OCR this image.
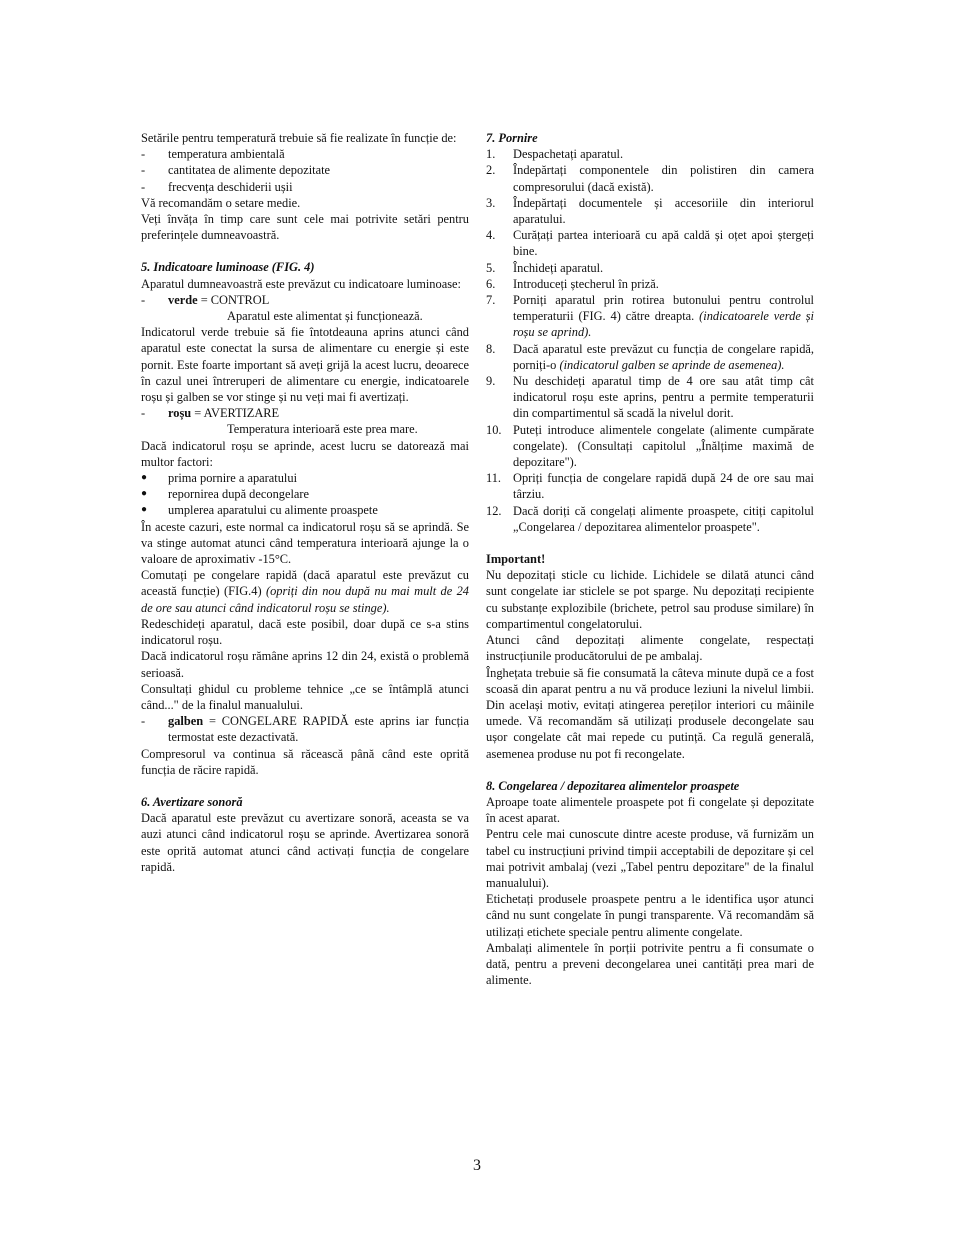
Setările pentru temperatură trebuie să fie realizate în funcție de:

-	temperatura ambientală
-	cantitatea de alimente depozitate
-	frecvența deschiderii ușii

Vă recomandăm o setare medie.

Veți învăța în timp care sunt cele mai potrivite setări pentru preferințele dumneavoastră.

5. Indicatoare luminoase (FIG. 4)

Aparatul dumneavoastră este prevăzut cu indicatoare luminoase:

-	verde = CONTROL

Aparatul este alimentat și funcționează.

Indicatorul verde trebuie să fie întotdeauna aprins atunci când aparatul este conectat la sursa de alimentare cu energie și este pornit. Este foarte important să aveți grijă la acest lucru, deoarece în cazul unei întreruperi de alimentare cu energie, indicatoarele roșu și galben se vor stinge și nu veți mai fi avertizați.

-	roșu = AVERTIZARE

Temperatura interioară este prea mare.

Dacă indicatorul roșu se aprinde, acest lucru se datorează mai multor factori:

●	prima pornire a aparatului
●	repornirea după decongelare
●	umplerea aparatului cu alimente proaspete

În aceste cazuri, este normal ca indicatorul roșu să se aprindă. Se va stinge automat atunci când temperatura interioară ajunge la o valoare de aproximativ -15°C.

Comutați pe congelare rapidă (dacă aparatul este prevăzut cu această funcție) (FIG.4) (opriți din nou după nu mai mult de 24 de ore sau atunci când indicatorul roșu se stinge).

Redeschideți aparatul, dacă este posibil, doar după ce s-a stins indicatorul roșu.

Dacă indicatorul roșu rămâne aprins 12 din 24, există o problemă serioasă.

Consultați ghidul cu probleme tehnice „ce se întâmplă atunci când..." de la finalul manualului.

-	galben = CONGELARE RAPIDĂ este aprins iar funcția termostat este dezactivată.

Compresorul va continua să răcească până când este oprită funcția de răcire rapidă.

6. Avertizare sonoră

Dacă aparatul este prevăzut cu avertizare sonoră, aceasta se va auzi atunci când indicatorul roșu se aprinde. Avertizarea sonoră este oprită automat atunci când activați funcția de congelare rapidă.

7. Pornire

1.	Despachetați aparatul.
2.	Îndepărtați componentele din polistiren din camera compresorului (dacă există).
3.	Îndepărtați documentele și accesoriile din interiorul aparatului.
4.	Curățați partea interioară cu apă caldă și oțet apoi ștergeți bine.
5.	Închideți aparatul.
6.	Introduceți ștecherul în priză.
7.	Porniți aparatul prin rotirea butonului pentru controlul temperaturii (FIG. 4) către dreapta. (indicatoarele verde și roșu se aprind).
8.	Dacă aparatul este prevăzut cu funcția de congelare rapidă, porniți-o (indicatorul galben se aprinde de asemenea).
9.	Nu deschideți aparatul timp de 4 ore sau atât timp cât indicatorul roșu este aprins, pentru a permite temperaturii din compartimentul să scadă la nivelul dorit.
10. Puteți introduce alimentele congelate (alimente cumpărate congelate). (Consultați capitolul „Înălțime maximă de depozitare").
11. Opriți funcția de congelare rapidă după 24 de ore sau mai târziu.
12. Dacă doriți că congelați alimente proaspete, citiți capitolul „Congelarea / depozitarea alimentelor proaspete".

Important!

Nu depozitați sticle cu lichide. Lichidele se dilată atunci când sunt congelate iar sticlele se pot sparge. Nu depozitați recipiente cu substanțe explozibile (brichete, petrol sau produse similare) în compartimentul congelatorului.

Atunci când depozitați alimente congelate, respectați instrucțiunile producătorului de pe ambalaj.

Înghețata trebuie să fie consumată la câteva minute după ce a fost scoasă din aparat pentru a nu vă produce leziuni la nivelul limbii. Din același motiv, evitați atingerea pereților interiori cu mâinile umede. Vă recomandăm să utilizați produsele decongelate sau ușor congelate cât mai repede cu putință. Ca regulă generală, asemenea produse nu pot fi recongelate.

8. Congelarea / depozitarea alimentelor proaspete

Aproape toate alimentele proaspete pot fi congelate și depozitate în acest aparat.

Pentru cele mai cunoscute dintre aceste produse, vă furnizăm un tabel cu instrucțiuni privind timpii acceptabili de depozitare și cel mai potrivit ambalaj (vezi „Tabel pentru depozitare" de la finalul manualului).

Etichetați produsele proaspete pentru a le identifica ușor atunci când nu sunt congelate în pungi transparente. Vă recomandăm să utilizați etichete speciale pentru alimente congelate.

Ambalați alimentele în porții potrivite pentru a fi consumate o dată, pentru a preveni decongelarea unei cantități prea mari de alimente.

3
